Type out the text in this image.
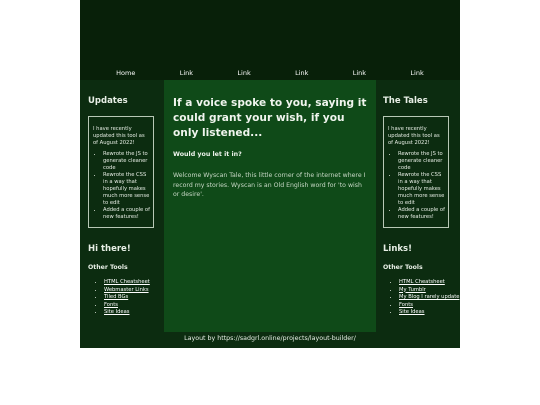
Home	Link	Link	Link	Link	Link
Updates

I have recently updated this tool as of August 2022!

• Rewrote the JS to generate cleaner code
• Rewrote the CSS in a way that hopefully makes much more sense to edit
• Added a couple of new features!
Hi there!
Other Tools
• HTML Cheatsheet
• Webmaster Links
• Tiled BGs
• Fonts
• Site Ideas
If a voice spoke to you, saying it could grant your wish, if you only listened...
Would you let it in?

Welcome Wyscan Tale, this little corner of the internet where I record my stories. Wyscan is an Old English word for 'to wish or desire'.

The Tales

I have recently updated this tool as of August 2022!

• Rewrote the JS to generate cleaner code
• Rewrote the CSS in a way that hopefully makes much more sense to edit
• Added a couple of new features!
Links!
Other Tools
• HTML Cheatsheet
• My Tumblr
• My Blog I rarely update
• Fonts
• Site Ideas
Layout by https://sadgrl.online/projects/layout-builder/
